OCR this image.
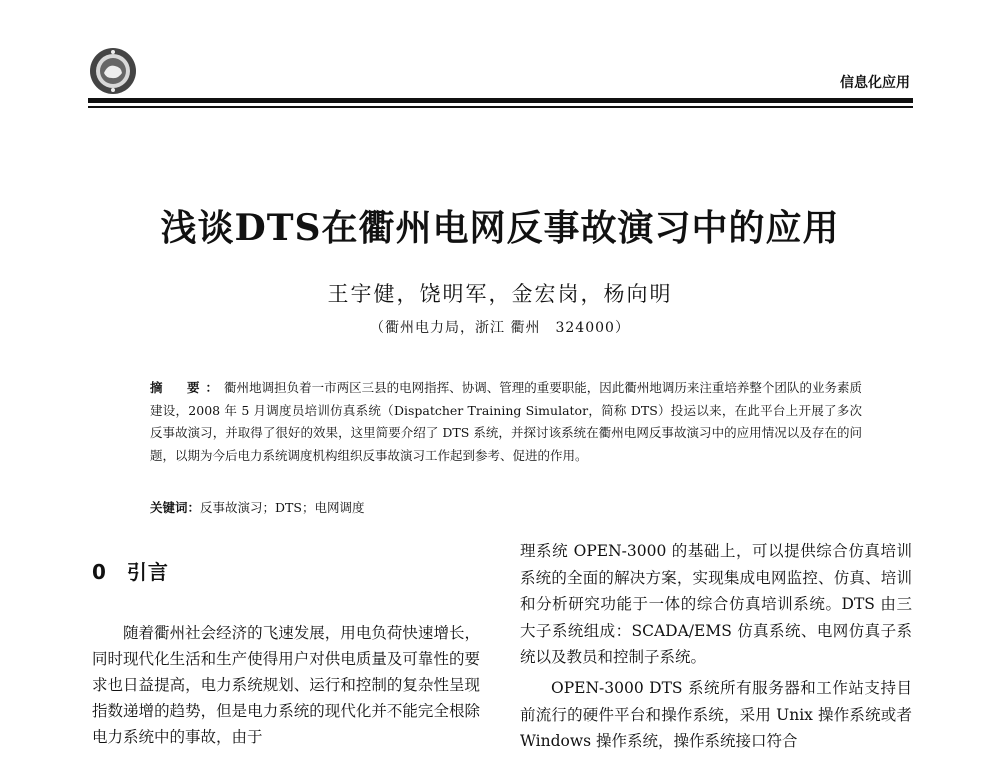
信息化应用
浅谈DTS在衢州电网反事故演习中的应用
王宇健，饶明军，金宏岗，杨向明
（衢州电力局，浙江 衢州　324000）

摘　要：衢州地调担负着一市两区三县的电网指挥、协调、管理的重要职能，因此衢州地调历来注重培养整个团队的业务素质建设，2008 年 5 月调度员培训仿真系统（Dispatcher Training Simulator，简称 DTS）投运以来，在此平台上开展了多次反事故演习，并取得了很好的效果，这里简要介绍了 DTS 系统，并探讨该系统在衢州电网反事故演习中的应用情况以及存在的问题，以期为今后电力系统调度机构组织反事故演习工作起到参考、促进的作用。

关键词：反事故演习；DTS；电网调度

0 引言

随着衢州社会经济的飞速发展，用电负荷快速增长，同时现代化生活和生产使得用户对供电质量及可靠性的要求也日益提高，电力系统规划、运行和控制的复杂性呈现指数递增的趋势，但是电力系统的现代化并不能完全根除电力系统中的事故，由于

理系统 OPEN-3000 的基础上，可以提供综合仿真培训系统的全面的解决方案，实现集成电网监控、仿真、培训和分析研究功能于一体的综合仿真培训系统。DTS 由三大子系统组成：SCADA/EMS 仿真系统、电网仿真子系统以及教员和控制子系统。

OPEN-3000 DTS 系统所有服务器和工作站支持目前流行的硬件平台和操作系统，采用 Unix 操作系统或者 Windows 操作系统，操作系统接口符合
